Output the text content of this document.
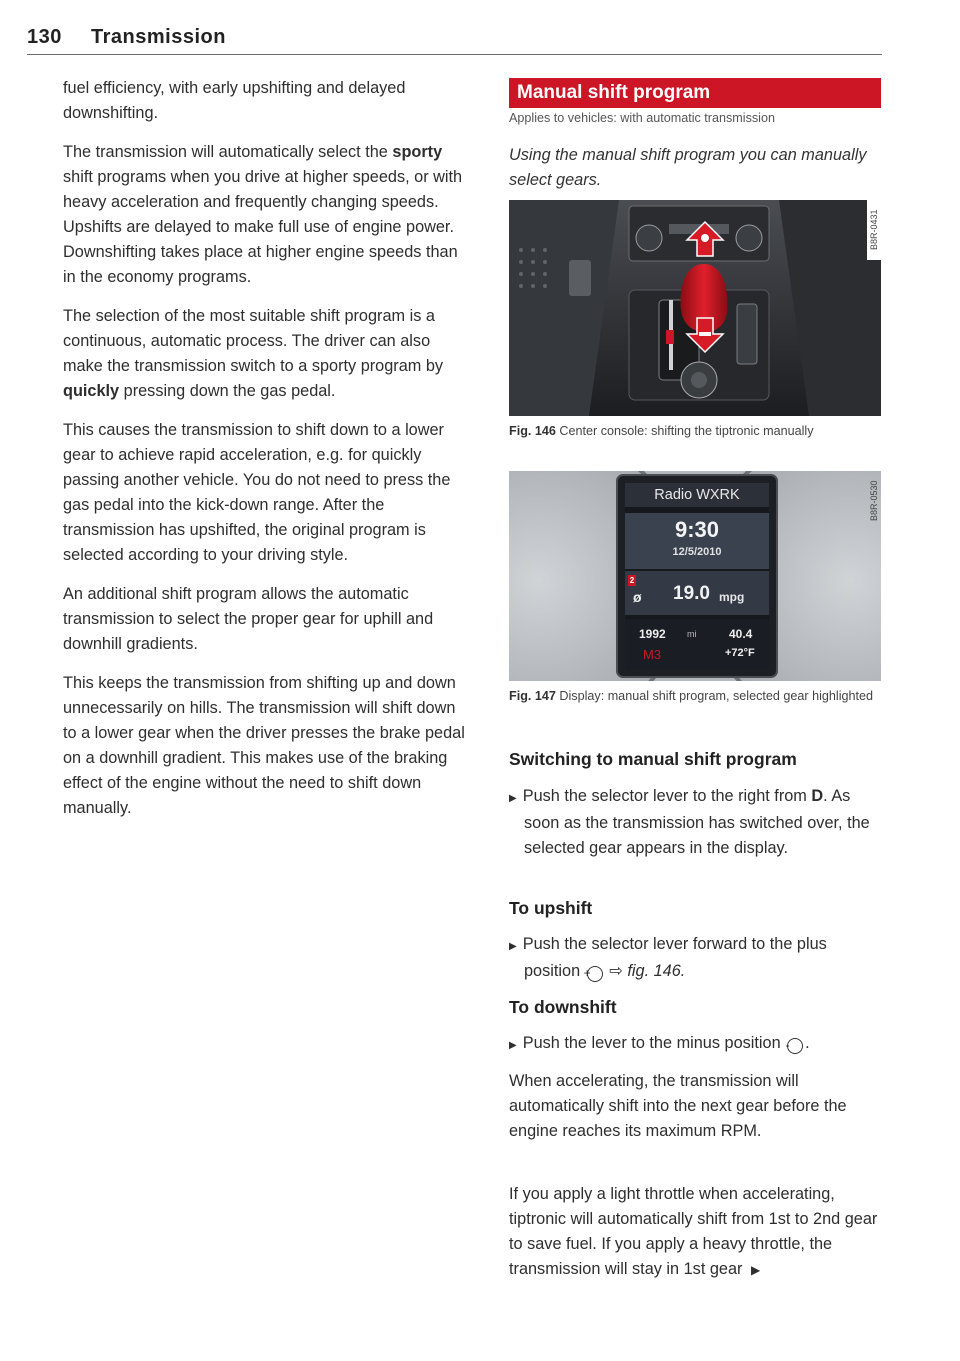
130 Transmission

fuel efficiency, with early upshifting and delayed downshifting.

The transmission will automatically select the sporty shift programs when you drive at higher speeds, or with heavy acceleration and frequently changing speeds. Upshifts are delayed to make full use of engine power. Downshifting takes place at higher engine speeds than in the economy programs.

The selection of the most suitable shift program is a continuous, automatic process. The driver can also make the transmission switch to a sporty program by quickly pressing down the gas pedal.

This causes the transmission to shift down to a lower gear to achieve rapid acceleration, e.g. for quickly passing another vehicle. You do not need to press the gas pedal into the kick-down range. After the transmission has upshifted, the original program is selected according to your driving style.

An additional shift program allows the automatic transmission to select the proper gear for uphill and downhill gradients.

This keeps the transmission from shifting up and down unnecessarily on hills. The transmission will shift down to a lower gear when the driver presses the brake pedal on a downhill gradient. This makes use of the braking effect of the engine without the need to shift down manually.

Manual shift program
Applies to vehicles: with automatic transmission
Using the manual shift program you can manually select gears.
B8R-0431
Fig. 146 Center console: shifting the tiptronic manually
Radio WXRK
9:30
12/5/2010
2
ø 19.0 mpg
1992 mi	40.4
M3	+72°F
B8R-0530
Fig. 147 Display: manual shift program, selected gear highlighted
Switching to manual shift program
▶ Push the selector lever to the right from D. As soon as the transmission has switched over, the selected gear appears in the display.
To upshift
▶ Push the selector lever forward to the plus position + ⇨ fig. 146.
To downshift
▶ Push the lever to the minus position - .

When accelerating, the transmission will automatically shift into the next gear before the engine reaches its maximum RPM.

If you apply a light throttle when accelerating, tiptronic will automatically shift from 1st to 2nd gear to save fuel. If you apply a heavy throttle, the transmission will stay in 1st gear ▶
